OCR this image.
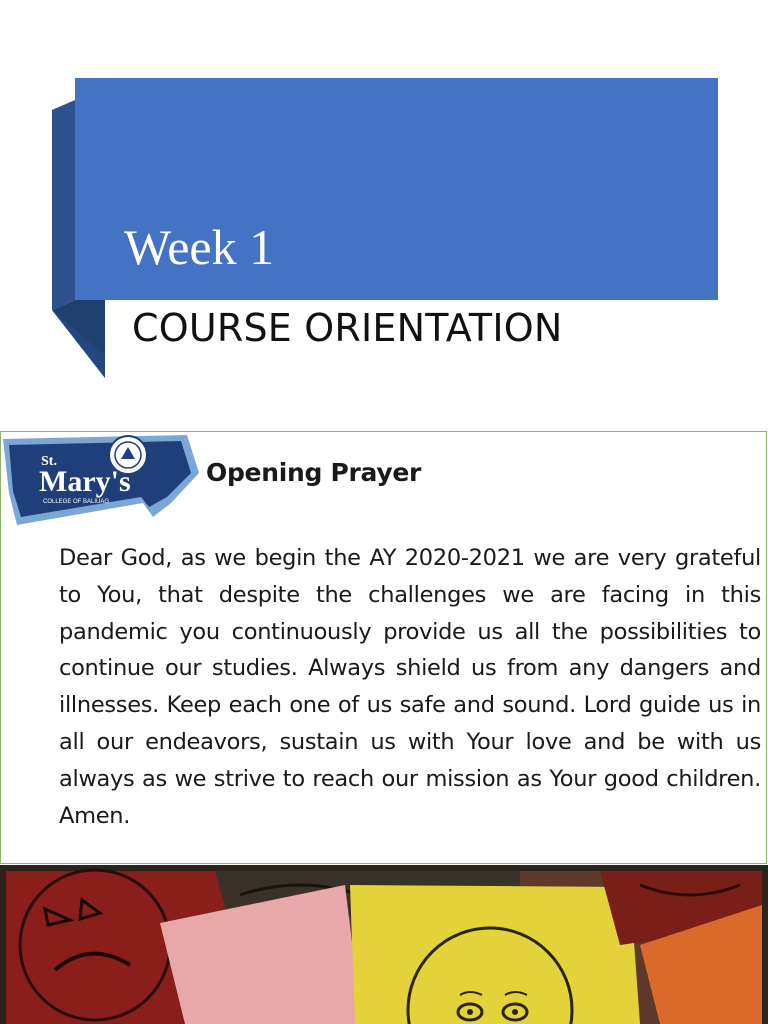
Week 1
COURSE ORIENTATION
St.
Mary's
COLLEGE OF BALIUAG
Opening Prayer

Dear God, as we begin the AY 2020-2021 we are very grateful to You, that despite the challenges we are facing in this pandemic you continuously provide us all the possibilities to continue our studies. Always shield us from any dangers and illnesses. Keep each one of us safe and sound. Lord guide us in all our endeavors, sustain us with Your love and be with us always as we strive to reach our mission as Your good children. Amen.
